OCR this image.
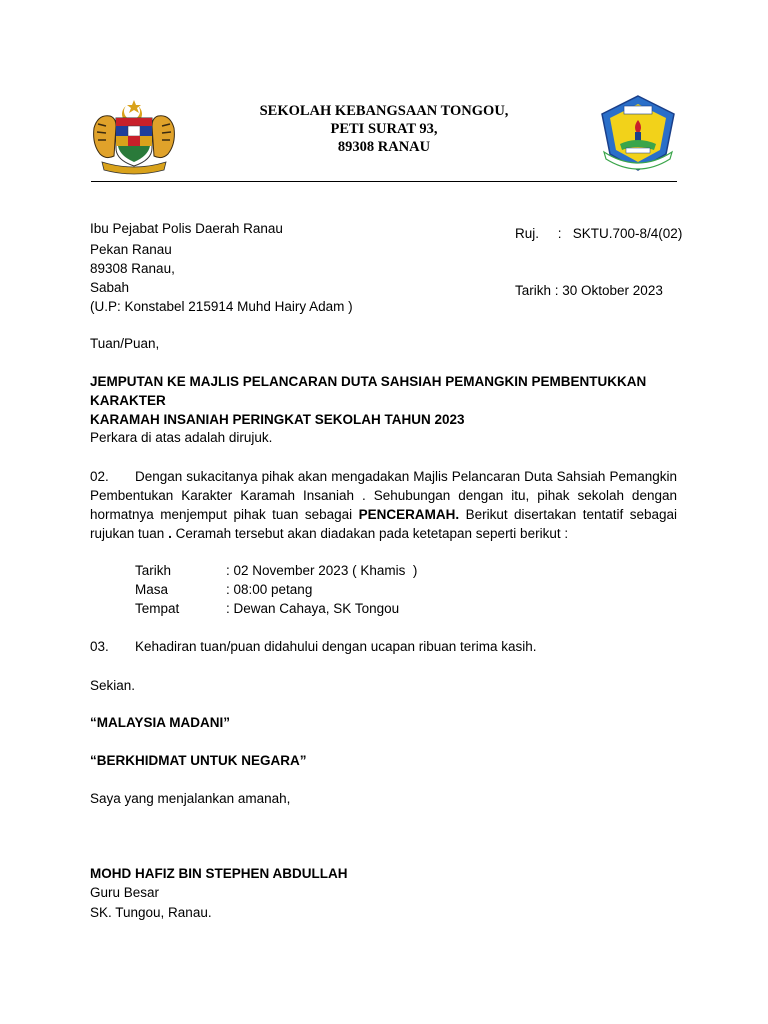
SEKOLAH KEBANGSAAN TONGOU,
PETI SURAT 93,
89308 RANAU

Ruj.     :   SKTU.700-8/4(02)

Tarikh : 30 Oktober 2023

Ibu Pejabat Polis Daerah Ranau
Pekan Ranau
89308 Ranau,
Sabah
(U.P: Konstabel 215914 Muhd Hairy Adam )
Tuan/Puan,
JEMPUTAN KE MAJLIS PELANCARAN DUTA SAHSIAH PEMANGKIN PEMBENTUKKAN KARAKTER
KARAMAH INSANIAH PERINGKAT SEKOLAH TAHUN 2023
Perkara di atas adalah dirujuk.
02. Dengan sukacitanya pihak akan mengadakan Majlis Pelancaran Duta Sahsiah Pemangkin Pembentukan Karakter Karamah Insaniah . Sehubungan dengan itu, pihak sekolah dengan hormatnya menjemput pihak tuan sebagai PENCERAMAH. Berikut disertakan tentatif sebagai rujukan tuan . Ceramah tersebut akan diadakan pada ketetapan seperti berikut :
Tarikh	: 02 November 2023 ( Khamis  )
Masa	: 08:00 petang
Tempat	: Dewan Cahaya, SK Tongou
03. Kehadiran tuan/puan didahului dengan ucapan ribuan terima kasih.
Sekian.
“MALAYSIA MADANI”
“BERKHIDMAT UNTUK NEGARA”
Saya yang menjalankan amanah,
MOHD HAFIZ BIN STEPHEN ABDULLAH
Guru Besar
SK. Tungou, Ranau.
